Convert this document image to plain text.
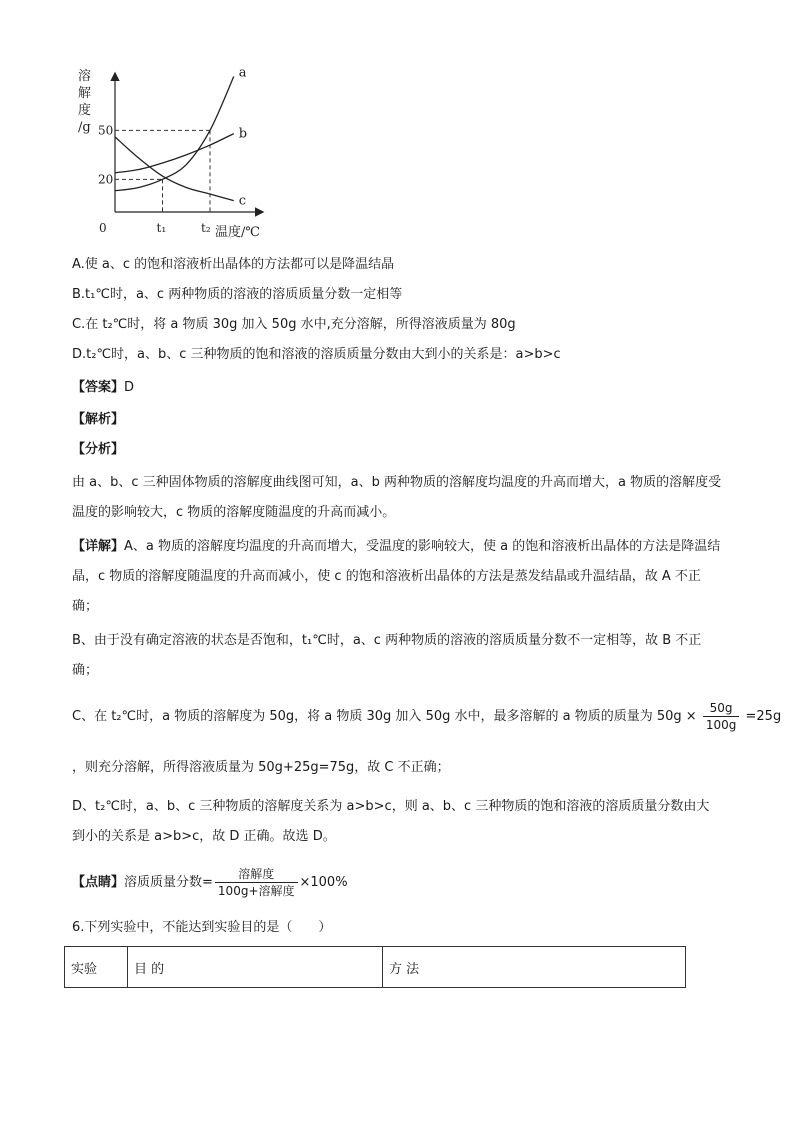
溶
解
度
/g 50
20
0	t₁	t₂ 温度/℃
a
b
c
A.使 a、c 的饱和溶液析出晶体的方法都可以是降温结晶
B.t₁℃时，a、c 两种物质的溶液的溶质质量分数一定相等
C.在 t₂℃时，将 a 物质 30g 加入 50g 水中,充分溶解，所得溶液质量为 80g
D.t₂℃时，a、b、c 三种物质的饱和溶液的溶质质量分数由大到小的关系是：a>b>c
【答案】D
【解析】
【分析】
由 a、b、c 三种固体物质的溶解度曲线图可知，a、b 两种物质的溶解度均温度的升高而增大，a 物质的溶解度受温度的影响较大，c 物质的溶解度随温度的升高而减小。
【详解】A、a 物质的溶解度均温度的升高而增大，受温度的影响较大，使 a 的饱和溶液析出晶体的方法是降温结晶，c 物质的溶解度随温度的升高而减小，使 c 的饱和溶液析出晶体的方法是蒸发结晶或升温结晶，故 A 不正确；
B、由于没有确定溶液的状态是否饱和，t₁℃时，a、c 两种物质的溶液的溶质质量分数不一定相等，故 B 不正确；
C、在 t₂℃时，a 物质的溶解度为 50g，将 a 物质 30g 加入 50g 水中，最多溶解的 a 物质的质量为 $50g \times \frac{50g}{100g} =25g$
，则充分溶解，所得溶液质量为 50g+25g=75g，故 C 不正确；
D、t₂℃时，a、b、c 三种物质的溶解度关系为 a>b>c，则 a、b、c 三种物质的饱和溶液的溶质质量分数由大到小的关系是 a>b>c，故 D 正确。故选 D。
【点睛】溶质质量分数= $\frac{\text{溶解度}}{\text{100g+溶解度}} \times 100\%$
6.下列实验中，不能达到实验目的是（　　）
实验	目 的	方 法
